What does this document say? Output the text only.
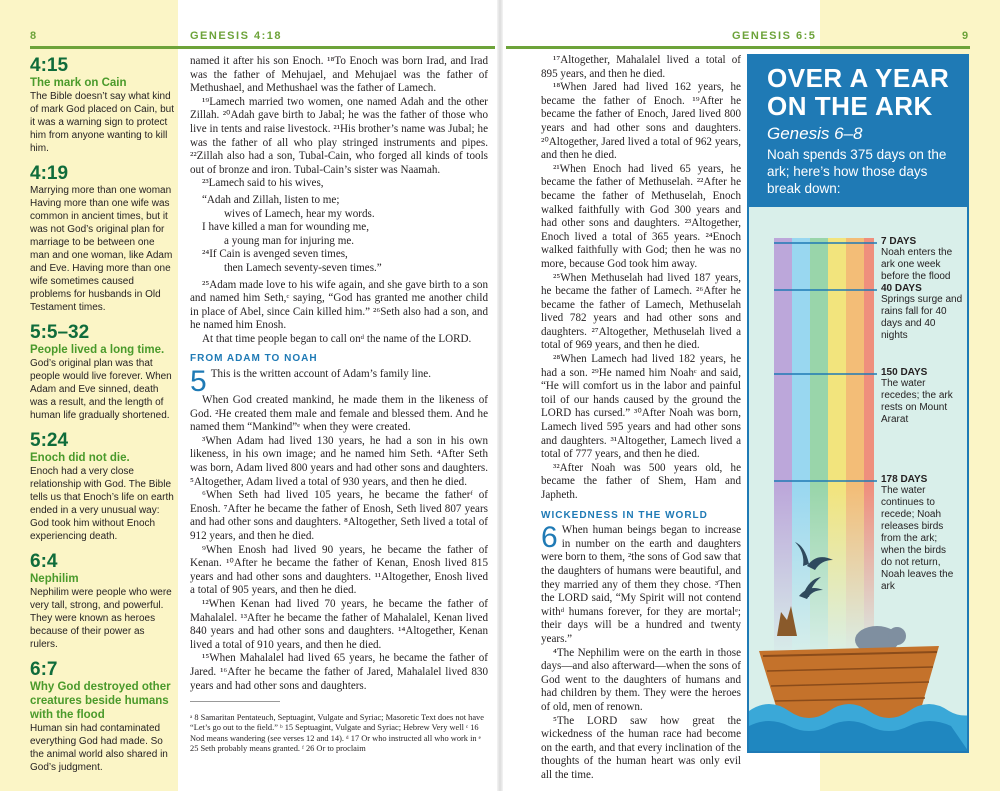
8	GENESIS 4:18	GENESIS 6:5	9
4:15
The mark on Cain
The Bible doesn’t say what kind of mark God placed on Cain, but it was a warning sign to protect him from anyone wanting to kill him.
4:19
Marrying more than one woman Having more than one wife was common in ancient times, but it was not God’s original plan for marriage to be between one man and one woman, like Adam and Eve. Having more than one wife sometimes caused problems for husbands in Old Testament times.
5:5–32
People lived a long time.
God’s original plan was that people would live forever. When Adam and Eve sinned, death was a result, and the length of human life gradually shortened.
5:24
Enoch did not die.
Enoch had a very close relationship with God. The Bible tells us that Enoch’s life on earth ended in a very unusual way: God took him without Enoch experiencing death.
6:4
Nephilim
Nephilim were people who were very tall, strong, and powerful. They were known as heroes because of their power as rulers.
6:7
Why God destroyed other creatures beside humans with the flood
Human sin had contaminated everything God had made. So the animal world also shared in God’s judgment.

named it after his son Enoch. ¹⁸To Enoch was born Irad, and Irad was the father of Mehujael, and Mehujael was the father of Methushael, and Methushael was the father of Lamech.

¹⁹Lamech married two women, one named Adah and the other Zillah. ²⁰Adah gave birth to Jabal; he was the father of those who live in tents and raise livestock. ²¹His brother’s name was Jubal; he was the father of all who play stringed instruments and pipes. ²²Zillah also had a son, Tubal-Cain, who forged all kinds of tools out of bronze and iron. Tubal-Cain’s sister was Naamah.

²³Lamech said to his wives,

“Adah and Zillah, listen to me;
wives of Lamech, hear my words.
I have killed a man for wounding me,
a young man for injuring me.
²⁴If Cain is avenged seven times,
then Lamech seventy-seven times.”

²⁵Adam made love to his wife again, and she gave birth to a son and named him Seth,ᶜ saying, “God has granted me another child in place of Abel, since Cain killed him.” ²⁶Seth also had a son, and he named him Enosh.

At that time people began to call onᵈ the name of the LORD.

FROM ADAM TO NOAH

5 This is the written account of Adam’s family line.

When God created mankind, he made them in the likeness of God. ²He created them male and female and blessed them. And he named them “Mankind”ᵉ when they were created.

³When Adam had lived 130 years, he had a son in his own likeness, in his own image; and he named him Seth. ⁴After Seth was born, Adam lived 800 years and had other sons and daughters. ⁵Altogether, Adam lived a total of 930 years, and then he died.

⁶When Seth had lived 105 years, he became the fatherᶠ of Enosh. ⁷After he became the father of Enosh, Seth lived 807 years and had other sons and daughters. ⁸Altogether, Seth lived a total of 912 years, and then he died.

⁹When Enosh had lived 90 years, he became the father of Kenan. ¹⁰After he became the father of Kenan, Enosh lived 815 years and had other sons and daughters. ¹¹Altogether, Enosh lived a total of 905 years, and then he died.

¹²When Kenan had lived 70 years, he became the father of Mahalalel. ¹³After he became the father of Mahalalel, Kenan lived 840 years and had other sons and daughters. ¹⁴Altogether, Kenan lived a total of 910 years, and then he died.

¹⁵When Mahalalel had lived 65 years, he became the father of Jared. ¹⁶After he became the father of Jared, Mahalalel lived 830 years and had other sons and daughters.

ᵃ 8 Samaritan Pentateuch, Septuagint, Vulgate and Syriac; Masoretic Text does not have “Let’s go out to the field.” ᵇ 15 Septuagint, Vulgate and Syriac; Hebrew Very well ᶜ 16 Nod means wandering (see verses 12 and 14). ᵈ 17 Or who instructed all who work in ᵉ 25 Seth probably means granted. ᶠ 26 Or to proclaim

¹⁷Altogether, Mahalalel lived a total of 895 years, and then he died.

¹⁸When Jared had lived 162 years, he became the father of Enoch. ¹⁹After he became the father of Enoch, Jared lived 800 years and had other sons and daughters. ²⁰Altogether, Jared lived a total of 962 years, and then he died.

²¹When Enoch had lived 65 years, he became the father of Methuselah. ²²After he became the father of Methuselah, Enoch walked faithfully with God 300 years and had other sons and daughters. ²³Altogether, Enoch lived a total of 365 years. ²⁴Enoch walked faithfully with God; then he was no more, because God took him away.

²⁵When Methuselah had lived 187 years, he became the father of Lamech. ²⁶After he became the father of Lamech, Methuselah lived 782 years and had other sons and daughters. ²⁷Altogether, Methuselah lived a total of 969 years, and then he died.

²⁸When Lamech had lived 182 years, he had a son. ²⁹He named him Noahᶜ and said, “He will comfort us in the labor and painful toil of our hands caused by the ground the LORD has cursed.” ³⁰After Noah was born, Lamech lived 595 years and had other sons and daughters. ³¹Altogether, Lamech lived a total of 777 years, and then he died.

³²After Noah was 500 years old, he became the father of Shem, Ham and Japheth.

WICKEDNESS IN THE WORLD

6 When human beings began to increase in number on the earth and daughters were born to them, ²the sons of God saw that the daughters of humans were beautiful, and they married any of them they chose. ³Then the LORD said, “My Spirit will not contend withᵈ humans forever, for they are mortalᵉ; their days will be a hundred and twenty years.”

⁴The Nephilim were on the earth in those days—and also afterward—when the sons of God went to the daughters of humans and had children by them. They were the heroes of old, men of renown.

⁵The LORD saw how great the wickedness of the human race had become on the earth, and that every inclination of the thoughts of the human heart was only evil all the time.

OVER A YEAR
ON THE ARK
Genesis 6–8
Noah spends 375 days on the ark; here’s how those days break down:
7 DAYS
Noah enters the ark one week before the flood
40 DAYS
Springs surge and rains fall for 40 days and 40 nights
150 DAYS
The water recedes; the ark rests on Mount Ararat
178 DAYS
The water continues to recede; Noah releases birds from the ark; when the birds do not return, Noah leaves the ark
